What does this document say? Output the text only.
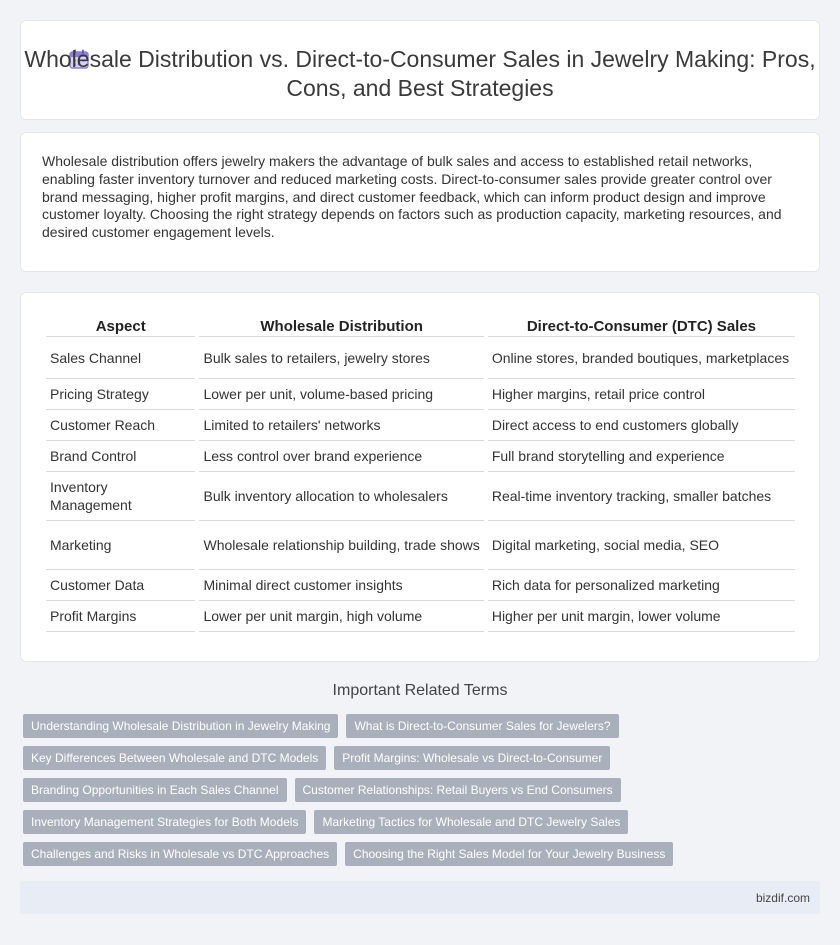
Wholesale Distribution vs. Direct-to-Consumer Sales in Jewelry Making: Pros, Cons, and Best Strategies

Wholesale distribution offers jewelry makers the advantage of bulk sales and access to established retail networks, enabling faster inventory turnover and reduced marketing costs. Direct-to-consumer sales provide greater control over brand messaging, higher profit margins, and direct customer feedback, which can inform product design and improve customer loyalty. Choosing the right strategy depends on factors such as production capacity, marketing resources, and desired customer engagement levels.

Aspect	Wholesale Distribution	Direct-to-Consumer (DTC) Sales
Sales Channel	Bulk sales to retailers, jewelry stores	Online stores, branded boutiques, marketplaces
Pricing Strategy	Lower per unit, volume-based pricing	Higher margins, retail price control
Customer Reach	Limited to retailers' networks	Direct access to end customers globally
Brand Control	Less control over brand experience	Full brand storytelling and experience
Inventory Management	Bulk inventory allocation to wholesalers	Real-time inventory tracking, smaller batches
Marketing	Wholesale relationship building, trade shows	Digital marketing, social media, SEO
Customer Data	Minimal direct customer insights	Rich data for personalized marketing
Profit Margins	Lower per unit margin, high volume	Higher per unit margin, lower volume
Important Related Terms
Understanding Wholesale Distribution in Jewelry Making	What is Direct-to-Consumer Sales for Jewelers?
Key Differences Between Wholesale and DTC Models	Profit Margins: Wholesale vs Direct-to-Consumer
Branding Opportunities in Each Sales Channel	Customer Relationships: Retail Buyers vs End Consumers
Inventory Management Strategies for Both Models	Marketing Tactics for Wholesale and DTC Jewelry Sales
Challenges and Risks in Wholesale vs DTC Approaches	Choosing the Right Sales Model for Your Jewelry Business
bizdif.com
